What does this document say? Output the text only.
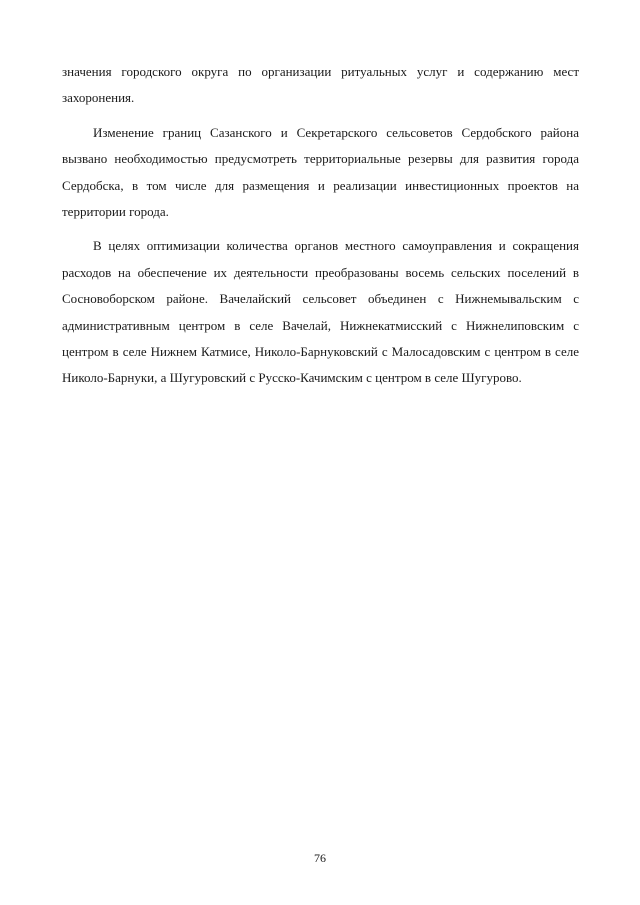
значения городского округа по организации ритуальных услуг и содержанию мест захоронения.

Изменение границ Сазанского и Секретарского сельсоветов Сердобского района вызвано необходимостью предусмотреть территориальные резервы для развития города Сердобска, в том числе для размещения и реализации инвестиционных проектов на территории города.

В целях оптимизации количества органов местного самоуправления и сокращения расходов на обеспечение их деятельности преобразованы восемь сельских поселений в Сосновоборском районе. Вачелайский сельсовет объединен с Нижнемывальским с административным центром в селе Вачелай, Нижнекатмисский с Нижнелиповским с центром в селе Нижнем Катмисе, Николо-Барнуковский с Малосадовским с центром в селе Николо-Барнуки, а Шугуровский с Русско-Качимским с центром в селе Шугурово.

76
